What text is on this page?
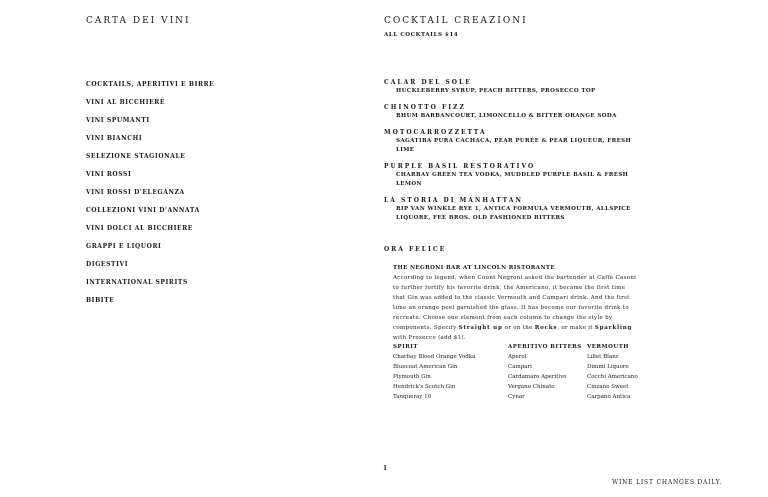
CARTA DEI VINI
COCKTAILS, APERITIVI E BIRRE
VINI AL BICCHIERE
VINI SPUMANTI
VINI BIANCHI
SELEZIONE STAGIONALE
VINI ROSSI
VINI ROSSI D'ELEGANZA
COLLEZIONI VINI D'ANNATA
VINI DOLCI AL BICCHIERE
GRAPPI E LIQUORI
DIGESTIVI
INTERNATIONAL SPIRITS
BIBITE
COCKTAIL CREAZIONI
ALL COCKTAILS $14
CALAR DEL SOLE
HUCKLEBERRY SYRUP, PEACH BITTERS, PROSECCO TOP
CHINOTTO FIZZ
RHUM BARBANCOURT, LIMONCELLO & BITTER ORANGE SODA
MOTOCARROZZETTA
SAGATIBA PURA CACHACA, PEAR PURÉE & PEAR LIQUEUR, FRESH LIME
PURPLE BASIL RESTORATIVO
CHARBAY GREEN TEA VODKA, MUDDLED PURPLE BASIL & FRESH LEMON
LA STORIA DI MANHATTAN
RIP VAN WINKLE RYE 1, ANTICA FORMULA VERMOUTH, ALLSPICE LIQUORE, FEE BROS. OLD FASHIONED BITTERS
ORA FELICE
THE NEGRONI BAR AT LINCOLN RISTORANTE
According to legend, when Count Negroni asked the bartender at Caffe Casoni to further fortify his favorite drink, the Americano, it became the first time that Gin was added to the classic Vermouth and Campari drink. And the first time an orange peel garnished the glass. It has become our favorite drink to recreate. Choose one element from each column to change the style by components. Specify Straight up or on the Rocks, or make it Sparkling with Prosecco (add $1).
SPIRIT
Charbay Blood Orange Vodka
Bluecoat American Gin
Plymouth Gin
Hendrick's Scotch Gin
Tanqueray 10
APERITIVO BITTERS
Aperol
Campari
Cardamaro Aperitivo
Vergano Chinato
Cynar
VERMOUTH
Lillet Blanc
Dimmi Liquore
Cocchi Americano
Cinzano Sweet
Carpano Antica
1
WINE LIST CHANGES DAILY.
